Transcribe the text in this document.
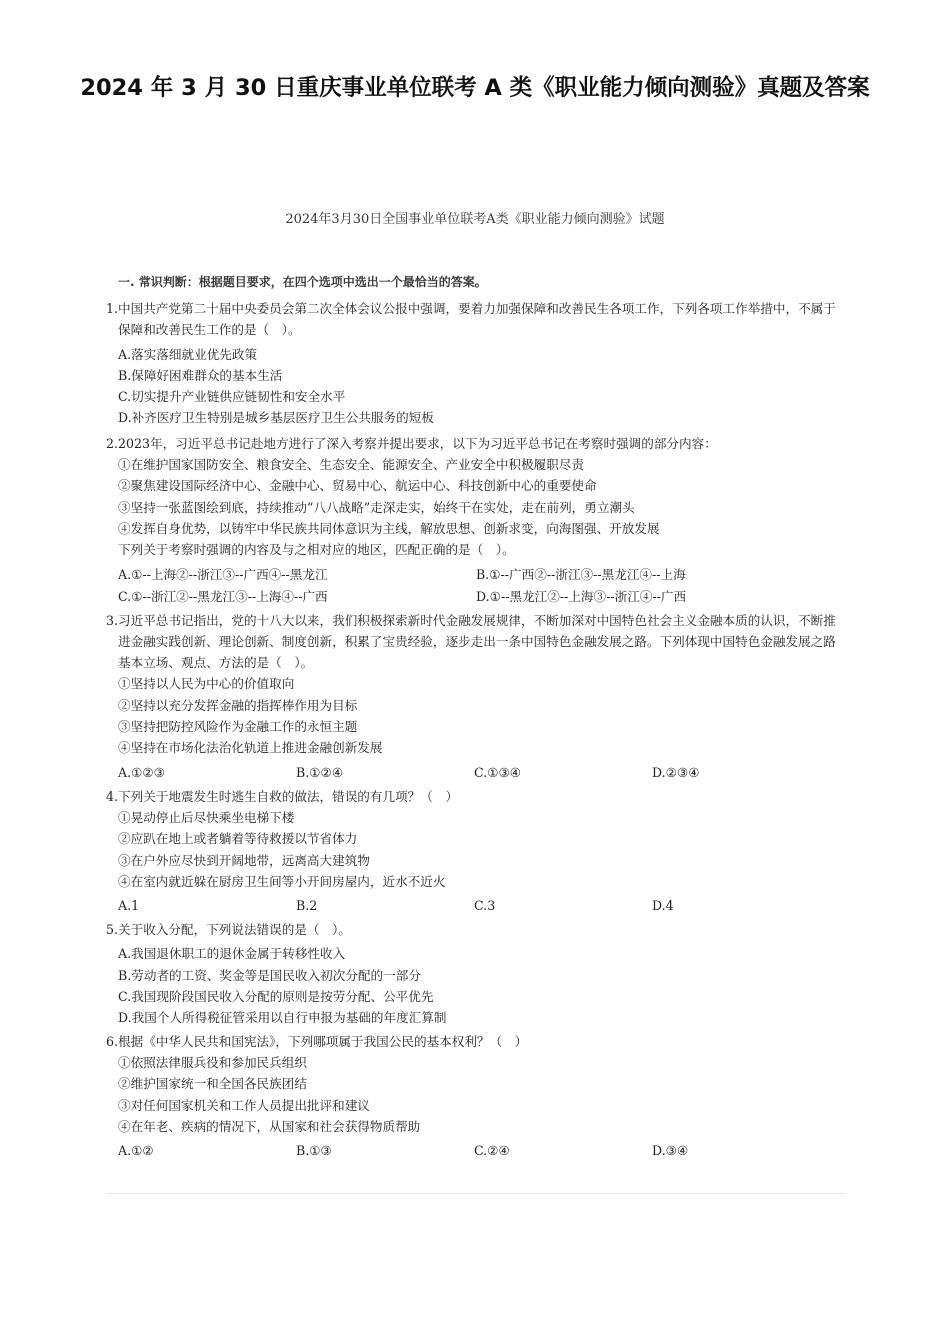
2024 年 3 月 30 日重庆事业单位联考 A 类《职业能力倾向测验》真题及答案
2024年3月30日全国事业单位联考A类《职业能力倾向测验》试题
一. 常识判断：根据题目要求，在四个选项中选出一个最恰当的答案。
1.中国共产党第二十届中央委员会第二次全体会议公报中强调，要着力加强保障和改善民生各项工作，下列各项工作举措中，不属于保障和改善民生工作的是（　）。
A.落实落细就业优先政策
B.保障好困难群众的基本生活
C.切实提升产业链供应链韧性和安全水平
D.补齐医疗卫生特别是城乡基层医疗卫生公共服务的短板
2.2023年，习近平总书记赴地方进行了深入考察并提出要求，以下为习近平总书记在考察时强调的部分内容：
①在维护国家国防安全、粮食安全、生态安全、能源安全、产业安全中积极履职尽责
②聚焦建设国际经济中心、金融中心、贸易中心、航运中心、科技创新中心的重要使命
③坚持一张蓝图绘到底，持续推动“八八战略”走深走实，始终干在实处，走在前列，勇立潮头
④发挥自身优势，以铸牢中华民族共同体意识为主线，解放思想、创新求变，向海图强、开放发展
下列关于考察时强调的内容及与之相对应的地区，匹配正确的是（　）。
A.①--上海②--浙江③--广西④--黑龙江	B.①--广西②--浙江③--黑龙江④--上海
C.①--浙江②--黑龙江③--上海④--广西	D.①--黑龙江②--上海③--浙江④--广西
3.习近平总书记指出，党的十八大以来，我们积极探索新时代金融发展规律，不断加深对中国特色社会主义金融本质的认识，不断推进金融实践创新、理论创新、制度创新，积累了宝贵经验，逐步走出一条中国特色金融发展之路。下列体现中国特色金融发展之路基本立场、观点、方法的是（　）。
①坚持以人民为中心的价值取向
②坚持以充分发挥金融的指挥棒作用为目标
③坚持把防控风险作为金融工作的永恒主题
④坚持在市场化法治化轨道上推进金融创新发展
A.①②③	B.①②④	C.①③④	D.②③④
4.下列关于地震发生时逃生自救的做法，错误的有几项？（　）
①晃动停止后尽快乘坐电梯下楼
②应趴在地上或者躺着等待救援以节省体力
③在户外应尽快到开阔地带，远离高大建筑物
④在室内就近躲在厨房卫生间等小开间房屋内，近水不近火
A.1	B.2	C.3	D.4
5.关于收入分配，下列说法错误的是（　）。
A.我国退休职工的退休金属于转移性收入
B.劳动者的工资、奖金等是国民收入初次分配的一部分
C.我国现阶段国民收入分配的原则是按劳分配、公平优先
D.我国个人所得税征管采用以自行申报为基础的年度汇算制
6.根据《中华人民共和国宪法》，下列哪项属于我国公民的基本权利？（　）
①依照法律服兵役和参加民兵组织
②维护国家统一和全国各民族团结
③对任何国家机关和工作人员提出批评和建议
④在年老、疾病的情况下，从国家和社会获得物质帮助
A.①②	B.①③	C.②④	D.③④
